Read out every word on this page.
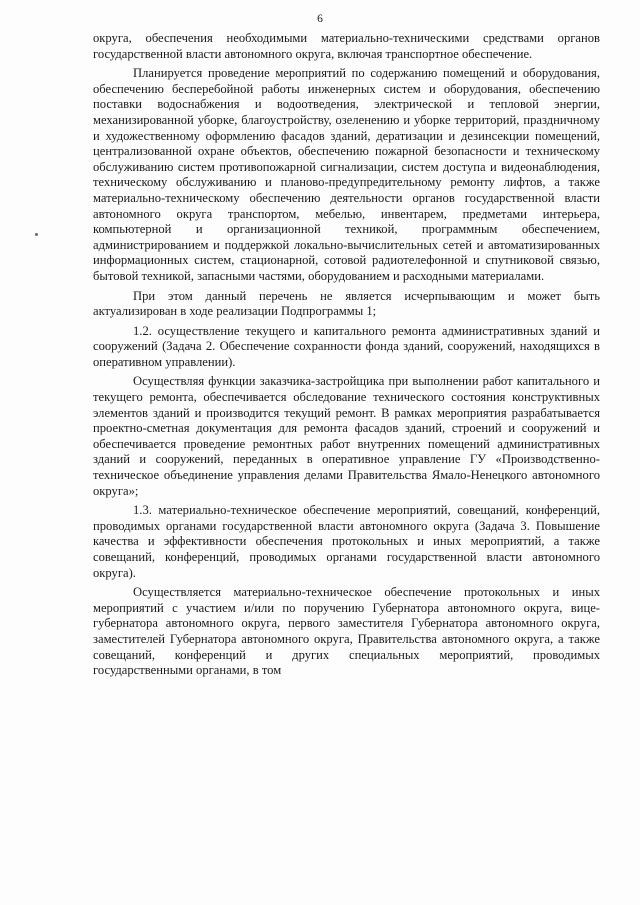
6

округа, обеспечения необходимыми материально-техническими средствами органов государственной власти автономного округа, включая транспортное обеспечение.

Планируется проведение мероприятий по содержанию помещений и оборудования, обеспечению бесперебойной работы инженерных систем и оборудования, обеспечению поставки водоснабжения и водоотведения, электрической и тепловой энергии, механизированной уборке, благоустройству, озеленению и уборке территорий, праздничному и художественному оформлению фасадов зданий, дератизации и дезинсекции помещений, централизованной охране объектов, обеспечению пожарной безопасности и техническому обслуживанию систем противопожарной сигнализации, систем доступа и видеонаблюдения, техническому обслуживанию и планово-предупредительному ремонту лифтов, а также материально-техническому обеспечению деятельности органов государственной власти автономного округа транспортом, мебелью, инвентарем, предметами интерьера, компьютерной и организационной техникой, программным обеспечением, администрированием и поддержкой локально-вычислительных сетей и автоматизированных информационных систем, стационарной, сотовой радиотелефонной и спутниковой связью, бытовой техникой, запасными частями, оборудованием и расходными материалами.

При этом данный перечень не является исчерпывающим и может быть актуализирован в ходе реализации Подпрограммы 1;

1.2. осуществление текущего и капитального ремонта административных зданий и сооружений (Задача 2. Обеспечение сохранности фонда зданий, сооружений, находящихся в оперативном управлении).

Осуществляя функции заказчика-застройщика при выполнении работ капитального и текущего ремонта, обеспечивается обследование технического состояния конструктивных элементов зданий и производится текущий ремонт. В рамках мероприятия разрабатывается проектно-сметная документация для ремонта фасадов зданий, строений и сооружений и обеспечивается проведение ремонтных работ внутренних помещений административных зданий и сооружений, переданных в оперативное управление ГУ «Производственно-техническое объединение управления делами Правительства Ямало-Ненецкого автономного округа»;

1.3. материально-техническое обеспечение мероприятий, совещаний, конференций, проводимых органами государственной власти автономного округа (Задача 3. Повышение качества и эффективности обеспечения протокольных и иных мероприятий, а также совещаний, конференций, проводимых органами государственной власти автономного округа).

Осуществляется материально-техническое обеспечение протокольных и иных мероприятий с участием и/или по поручению Губернатора автономного округа, вице-губернатора автономного округа, первого заместителя Губернатора автономного округа, заместителей Губернатора автономного округа, Правительства автономного округа, а также совещаний, конференций и других специальных мероприятий, проводимых государственными органами, в том
